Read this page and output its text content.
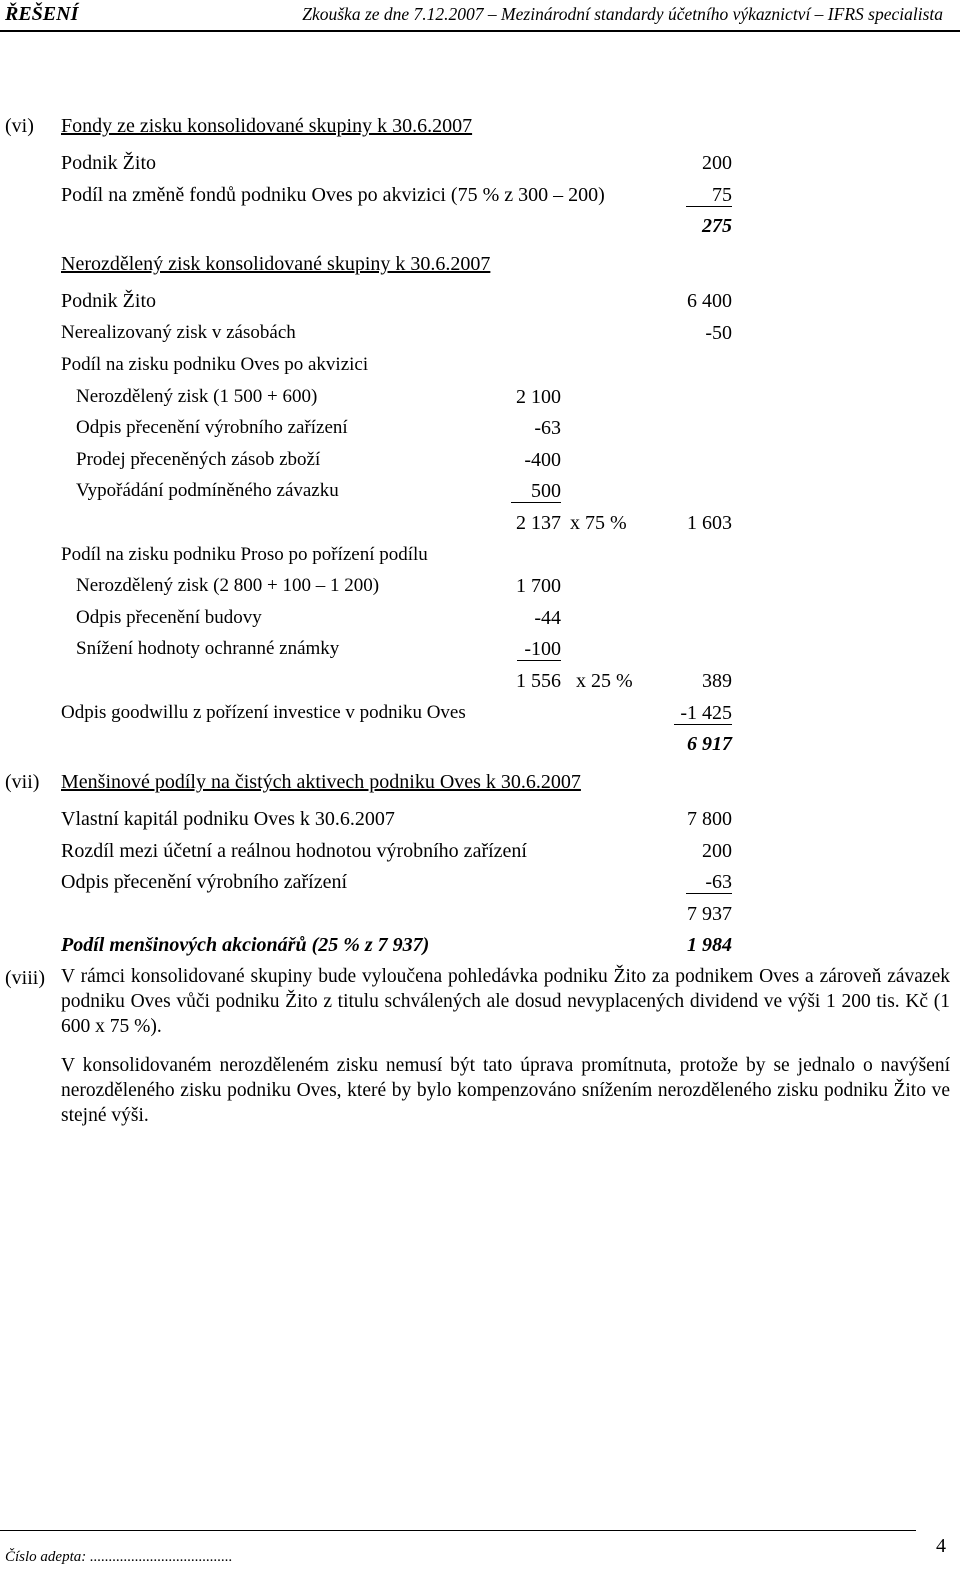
ŘEŠENÍ	Zkouška ze dne 7.12.2007 – Mezinárodní standardy účetního výkaznictví – IFRS specialista
(vi) Fondy ze zisku konsolidované skupiny k 30.6.2007
Podnik Žito	200
Podíl na změně fondů podniku Oves po akvizici (75 % z 300 – 200)	75
275
Nerozdělený zisk konsolidované skupiny k 30.6.2007
Podnik Žito	6 400
Nerealizovaný zisk v zásobách	-50
Podíl na zisku podniku Oves po akvizici
Nerozdělený zisk (1 500 + 600)	2 100
Odpis přecenění výrobního zařízení	-63
Prodej přeceněných zásob zboží	-400
Vypořádání podmíněného závazku	500
2 137 x 75 %	1 603
Podíl na zisku podniku Proso po pořízení podílu
Nerozdělený zisk (2 800 + 100 – 1 200)	1 700
Odpis přecenění budovy	-44
Snížení hodnoty ochranné známky	-100
1 556 x 25 %	389
Odpis goodwillu z pořízení investice v podniku Oves	-1 425
6 917
(vii) Menšinové podíly na čistých aktivech podniku Oves k 30.6.2007
Vlastní kapitál podniku Oves k 30.6.2007	7 800
Rozdíl mezi účetní a reálnou hodnotou výrobního zařízení	200
Odpis přecenění výrobního zařízení	-63
7 937
Podíl menšinových akcionářů (25 % z 7 937)	1 984
(viii) V rámci konsolidované skupiny bude vyloučena pohledávka podniku Žito za podnikem Oves a zároveň závazek podniku Oves vůči podniku Žito z titulu schválených ale dosud nevyplacených dividend ve výši 1 200 tis. Kč (1 600 x 75 %).
V konsolidovaném nerozděleném zisku nemusí být tato úprava promítnuta, protože by se jednalo o navýšení nerozděleného zisku podniku Oves, které by bylo kompenzováno snížením nerozděleného zisku podniku Žito ve stejné výši.
Číslo adepta: ......................................	4
